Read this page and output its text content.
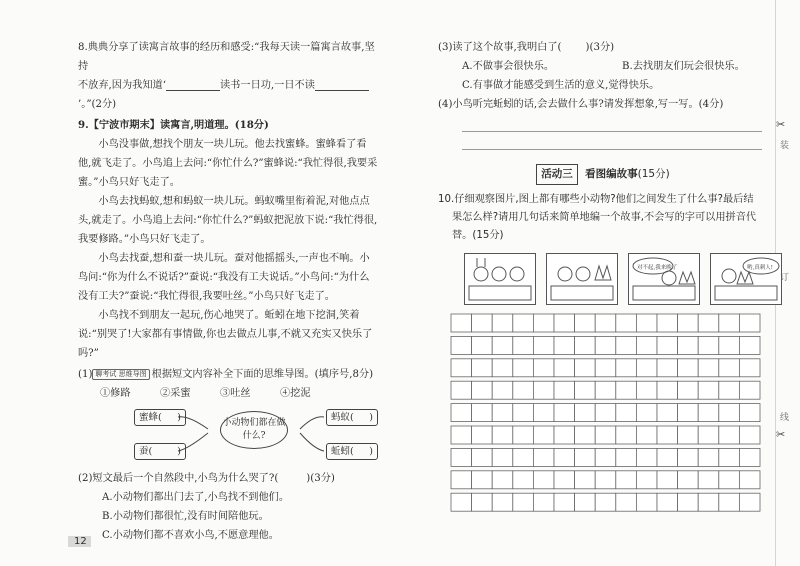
8.典典分享了读寓言故事的经历和感受:“我每天读一篇寓言故事,坚持

不放弃,因为我知道‘	读书一日功,一日不读’。”(2分)

9.【宁波市期末】读寓言,明道理。(18分)

小鸟没事做,想找个朋友一块儿玩。他去找蜜蜂。蜜蜂看了看他,就飞走了。小鸟追上去问:“你忙什么?”蜜蜂说:“我忙得很,我要采蜜。”小鸟只好飞走了。

小鸟去找蚂蚁,想和蚂蚁一块儿玩。蚂蚁嘴里衔着泥,对他点点头,就走了。小鸟追上去问:“你忙什么?”蚂蚁把泥放下说:“我忙得很,我要修路。”小鸟只好飞走了。

小鸟去找蚕,想和蚕一块儿玩。蚕对他摇摇头,一声也不响。小鸟问:“你为什么不说话?”蚕说:“我没有工夫说话。”小鸟问:“为什么没有工夫?”蚕说:“我忙得很,我要吐丝。”小鸟只好飞走了。

小鸟找不到朋友一起玩,伤心地哭了。蚯蚓在地下挖洞,笑着说:“别哭了!大家都有事情做,你也去做点儿事,不就又充实又快乐了吗?”

(1) 聊考试 思维导图 根据短文内容补全下面的思维导图。(填序号,8分)

①修路	②采蜜	③吐丝	④挖泥

蜜蜂( )
蚕(	)
小动物们都在做什么?
蚂蚁( )
蚯蚓( )

(2)短文最后一个自然段中,小鸟为什么哭了?(	)(3分)

A.小动物们都出门去了,小鸟找不到他们。

B.小动物们都很忙,没有时间陪他玩。

C.小动物们都不喜欢小鸟,不愿意理他。

(3)读了这个故事,我明白了( )(3分)

A.不做事会很快乐。	B.去找朋友们玩会很快乐。

C.有事做才能感受到生活的意义,觉得快乐。

(4)小鸟听完蚯蚓的话,会去做什么事?请发挥想象,写一写。(4分)

活动三 看图编故事(15分)

10.仔细观察图片,图上都有哪些小动物?他们之间发生了什么事?最后结

果怎么样?请用几句话来简单地编一个故事,不会写的字可以用拼音代

替。(15分)

对不起,我来晚了	哟,真刺人!
12
✂
装
订
线
✂
